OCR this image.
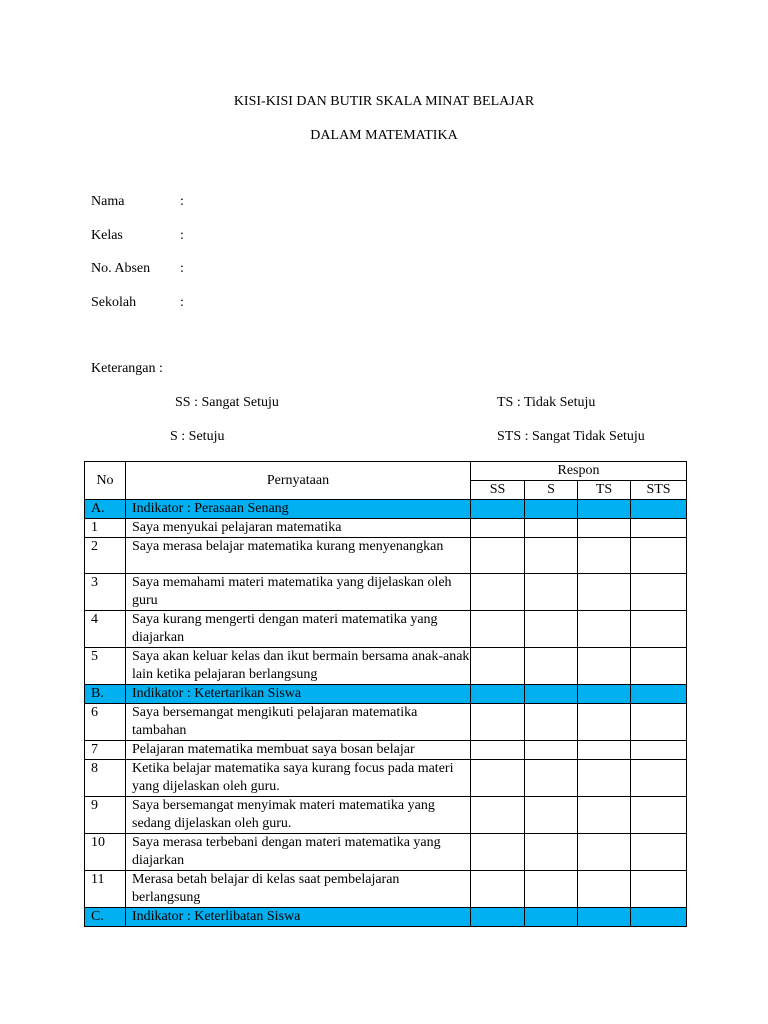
KISI-KISI DAN BUTIR SKALA MINAT BELAJAR
DALAM MATEMATIKA
Nama	:
Kelas	:
No. Absen :
Sekolah	:
Keterangan :
SS : Sangat Setuju	TS : Tidak Setuju
S : Setuju	STS : Sangat Tidak Setuju
No	Pernyataan	Respon			
		SS	S	TS	STS
A.	Indikator : Perasaan Senang				
1	Saya menyukai pelajaran matematika				
2	Saya merasa belajar matematika kurang menyenangkan				
3	Saya memahami materi matematika yang dijelaskan oleh guru				
4	Saya kurang mengerti dengan materi matematika yang diajarkan				
5	Saya akan keluar kelas dan ikut bermain bersama anak-anak lain ketika pelajaran berlangsung				
B.	Indikator : Ketertarikan Siswa				
6	Saya bersemangat mengikuti pelajaran matematika tambahan				
7	Pelajaran matematika membuat saya bosan belajar				
8	Ketika belajar matematika saya kurang focus pada materi yang dijelaskan oleh guru.				
9	Saya bersemangat menyimak materi matematika yang sedang dijelaskan oleh guru.				
10	Saya merasa terbebani dengan materi matematika yang diajarkan				
11	Merasa betah belajar di kelas saat pembelajaran berlangsung				
C.	Indikator : Keterlibatan Siswa				
